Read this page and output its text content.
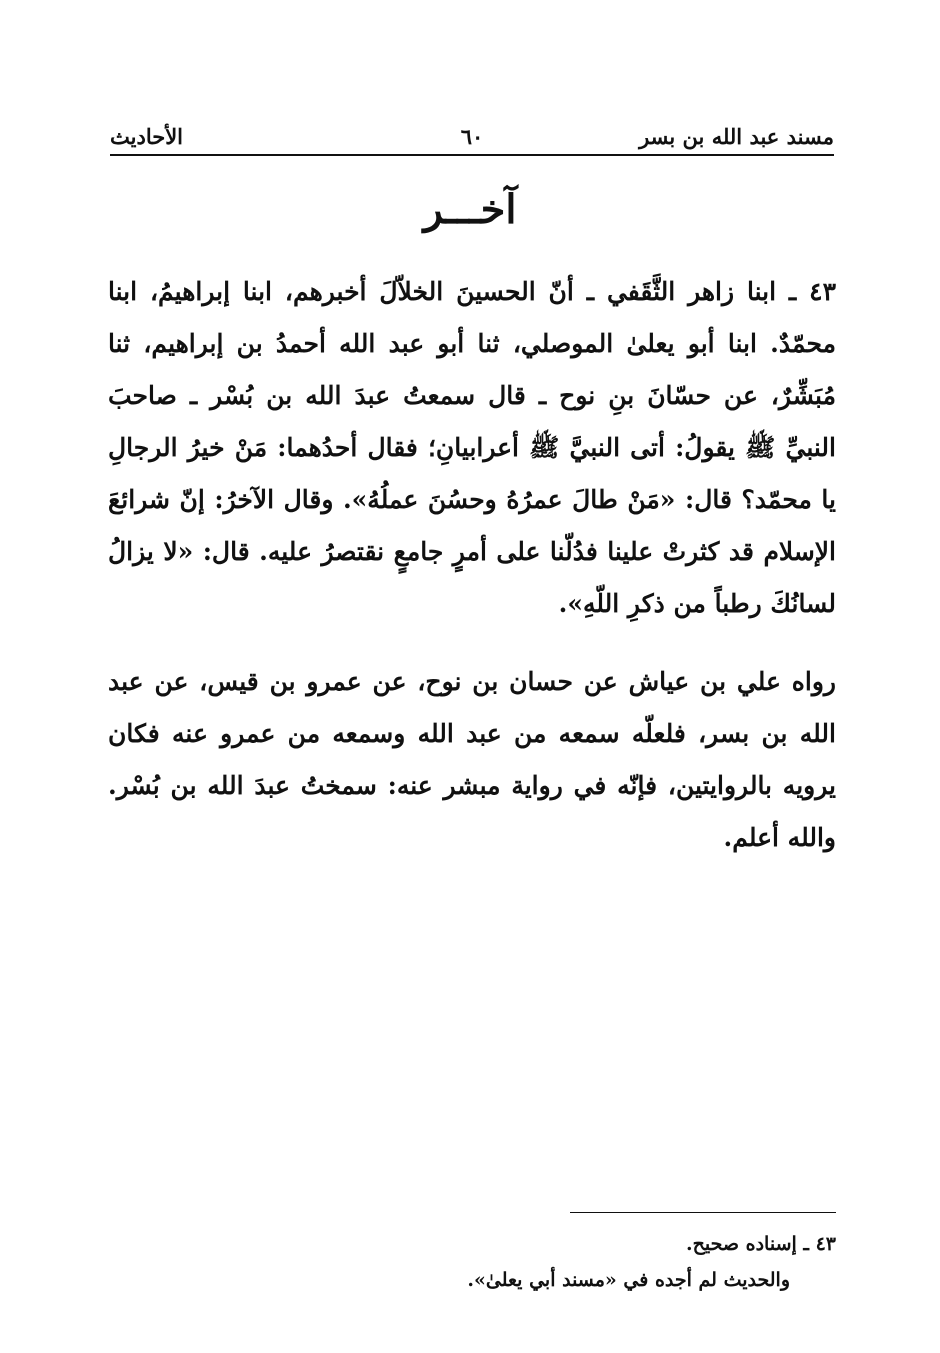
مسند عبد الله بن بسر
٦٠
الأحاديث
آخـــر

٤٣ ـ ابنا زاهر الثَّقَفي ـ أنّ الحسينَ الخلاّلَ أخبرهم، ابنا إبراهيمُ، ابنا محمّدٌ. ابنا أبو يعلىٰ الموصلي، ثنا أبو عبد الله أحمدُ بن إبراهيم، ثنا مُبَشِّرٌ، عن حسّانَ بنِ نوح ـ قال سمعتُ عبدَ الله بن بُسْر ـ صاحبَ النبيِّ ﷺ يقولُ: أتى النبيَّ ﷺ أعرابيانِ؛ فقال أحدُهما: مَنْ خيرُ الرجالِ يا محمّد؟ قال: «مَنْ طالَ عمرُهُ وحسُنَ عملُهُ». وقال الآخرُ: إنّ شرائعَ الإسلام قد كثرتْ علينا فدُلّنا على أمرٍ جامعٍ نقتصرُ عليه. قال: «لا يزالُ لسانُكَ رطباً من ذكرِ اللّهِ».

رواه علي بن عياش عن حسان بن نوح، عن عمرو بن قيس، عن عبد الله بن بسر، فلعلّه سمعه من عبد الله وسمعه من عمرو عنه فكان يرويه بالروايتين، فإنّه في رواية مبشر عنه: سمختُ عبدَ الله بن بُسْر. والله أعلم.

٤٣ ـ إسناده صحيح.
والحديث لم أجده في «مسند أبي يعلىٰ».
